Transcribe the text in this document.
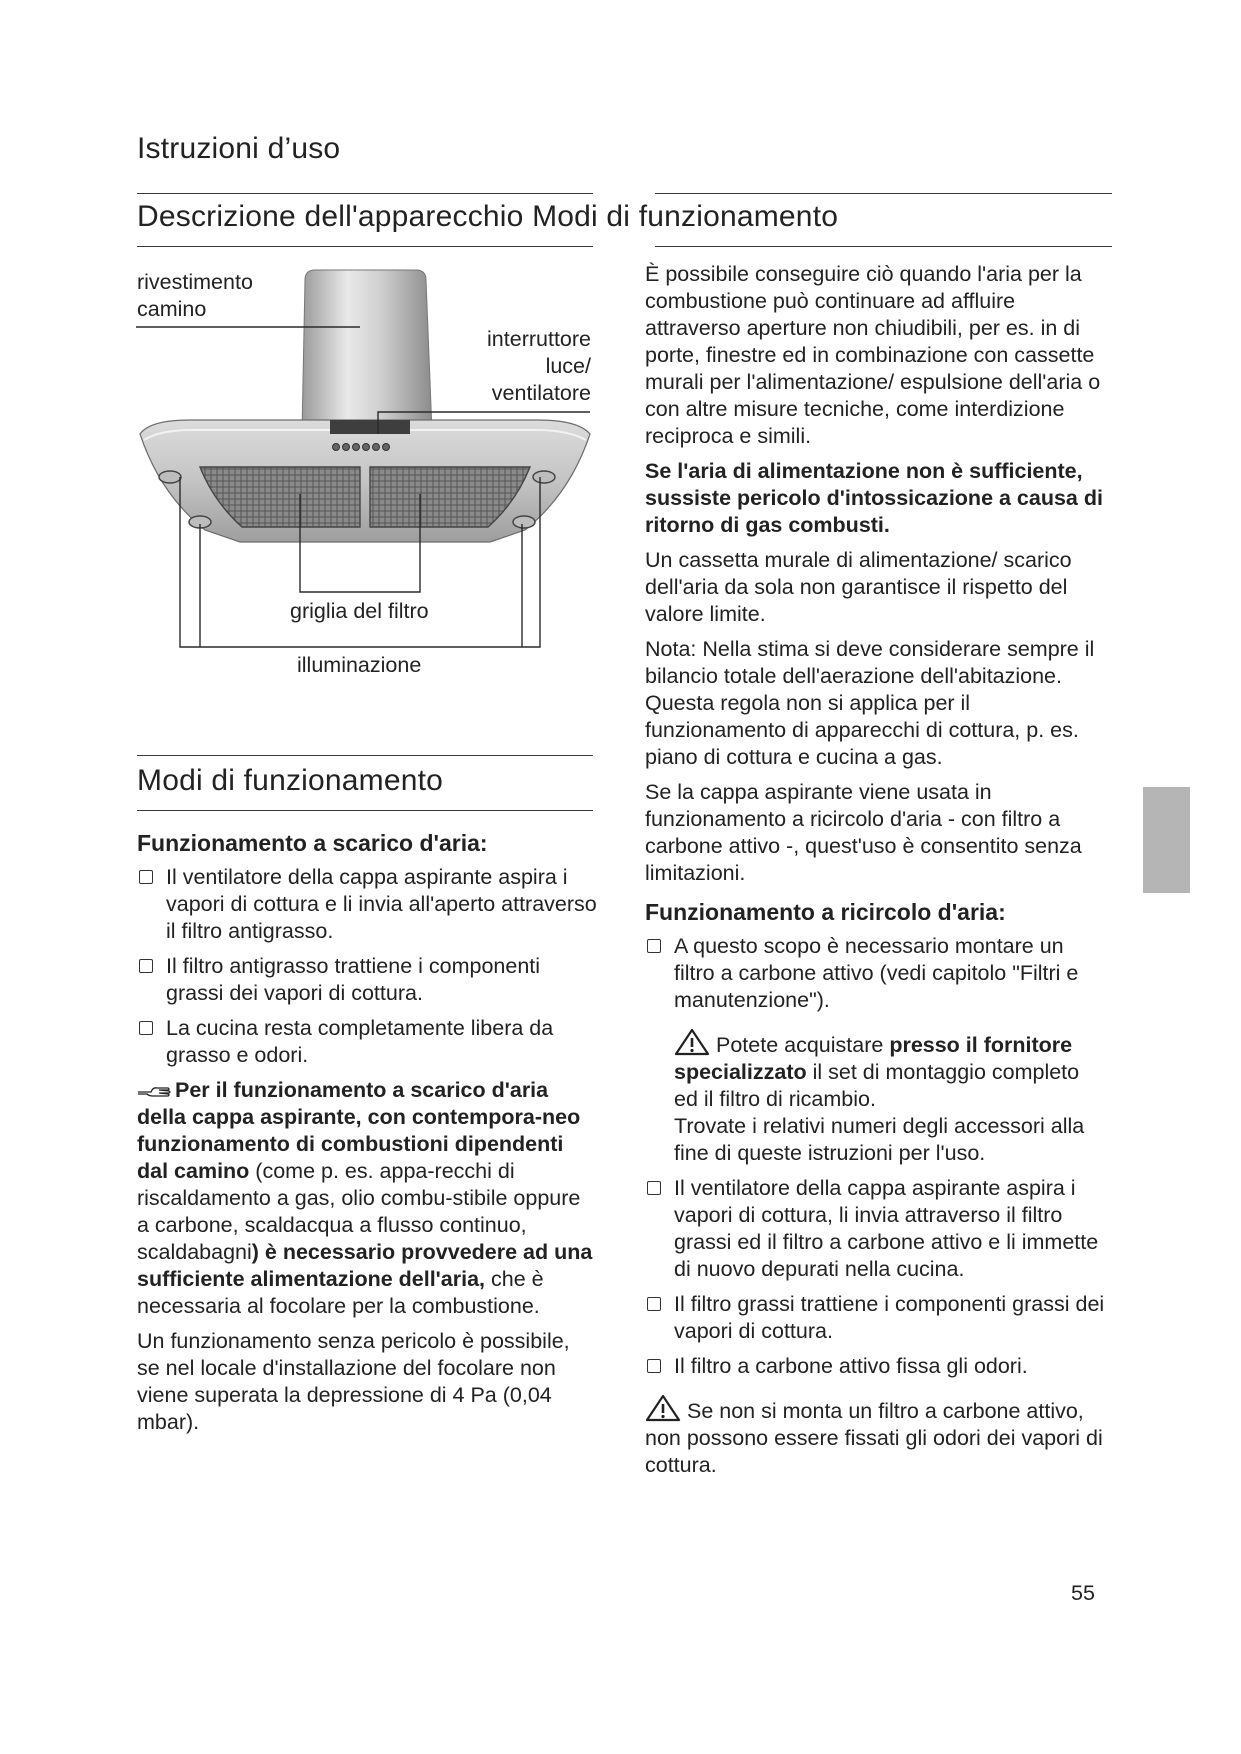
Istruzioni d’uso
Descrizione dell'apparecchio Modi di funzionamento
rivestimento
camino
interruttore
luce/
ventilatore
griglia del filtro
illuminazione
Modi di funzionamento
Funzionamento a scarico d'aria:
Il ventilatore della cappa aspirante aspira i vapori di cottura e li invia all'aperto attraverso il filtro antigrasso.
Il filtro antigrasso trattiene i componenti grassi dei vapori di cottura.
La cucina resta completamente libera da grasso e odori.

Per il funzionamento a scarico d'aria della cappa aspirante, con contempora-neo funzionamento di combustioni dipendenti dal camino (come p. es. appa-recchi di riscaldamento a gas, olio combu-stibile oppure a carbone, scaldacqua a flusso continuo, scaldabagni) è necessario provvedere ad una sufficiente alimentazione dell'aria, che è necessaria al focolare per la combustione.

Un funzionamento senza pericolo è possibile, se nel locale d'installazione del focolare non viene superata la depressione di 4 Pa (0,04 mbar).

È possibile conseguire ciò quando l'aria per la combustione può continuare ad affluire attraverso aperture non chiudibili, per es. in di porte, finestre ed in combinazione con cassette murali per l'alimentazione/ espulsione dell'aria o con altre misure tecniche, come interdizione reciproca e simili.

Se l'aria di alimentazione non è sufficiente, sussiste pericolo d'intossicazione a causa di ritorno di gas combusti.

Un cassetta murale di alimentazione/ scarico dell'aria da sola non garantisce il rispetto del valore limite.

Nota: Nella stima si deve considerare sempre il bilancio totale dell'aerazione dell'abitazione. Questa regola non si applica per il funzionamento di apparecchi di cottura, p. es. piano di cottura e cucina a gas.

Se la cappa aspirante viene usata in funzionamento a ricircolo d'aria - con filtro a carbone attivo -, quest'uso è consentito senza limitazioni.

Funzionamento a ricircolo d'aria:
A questo scopo è necessario montare un filtro a carbone attivo (vedi capitolo "Filtri e manutenzione").
Potete acquistare presso il fornitore specializzato il set di montaggio completo ed il filtro di ricambio.
Trovate i relativi numeri degli accessori alla fine di queste istruzioni per l'uso.
Il ventilatore della cappa aspirante aspira i vapori di cottura, li invia attraverso il filtro grassi ed il filtro a carbone attivo e li immette di nuovo depurati nella cucina.
Il filtro grassi trattiene i componenti grassi dei vapori di cottura.
Il filtro a carbone attivo fissa gli odori.

Se non si monta un filtro a carbone attivo, non possono essere fissati gli odori dei vapori di cottura.

55
